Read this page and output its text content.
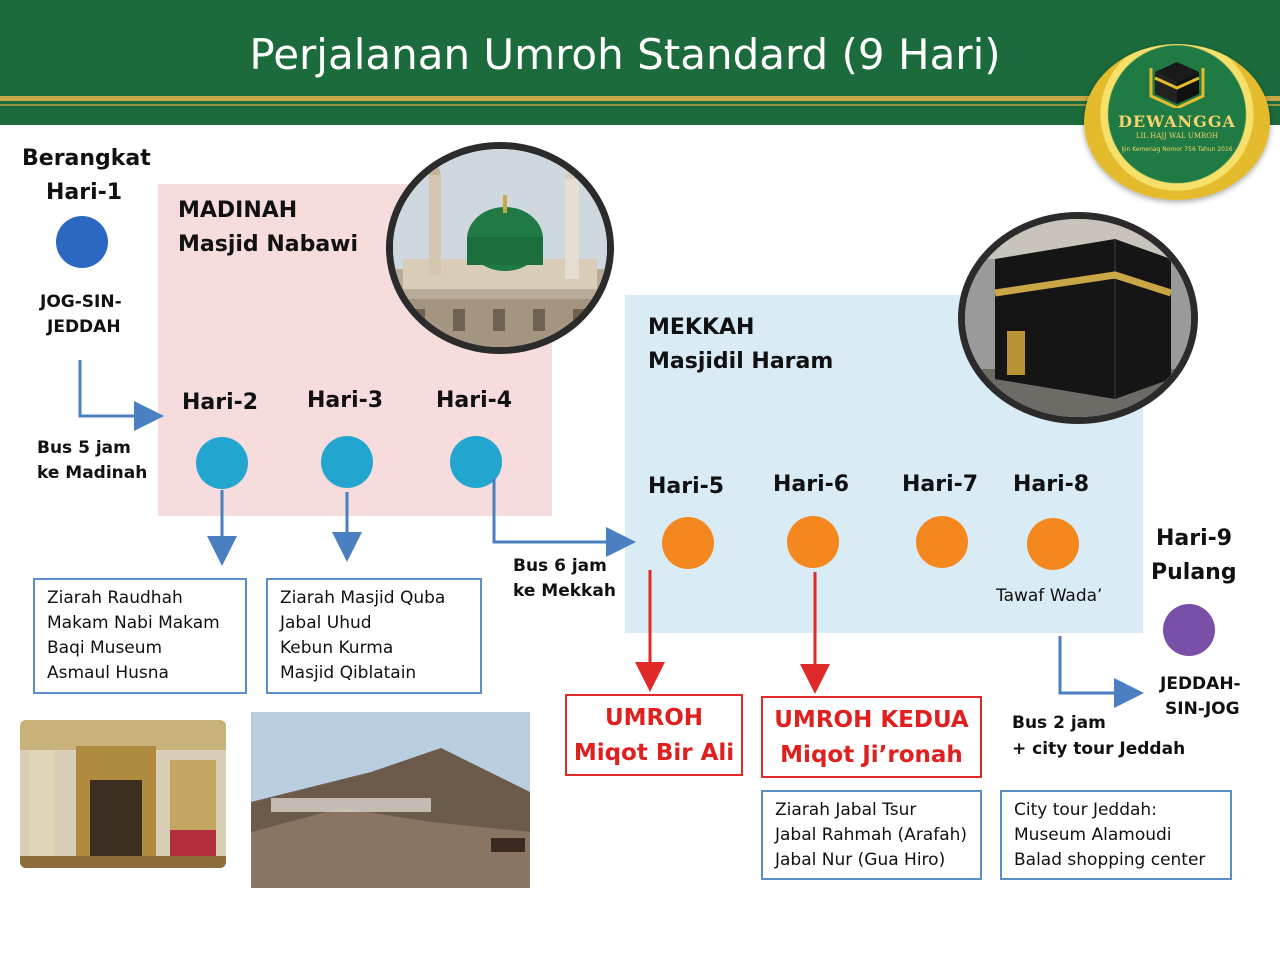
Perjalanan Umroh Standard (9 Hari)
DEWANGGA
LIL HAJJ WAL UMROH
Ijin Kemenag Nomor 756 Tahun 2016
Berangkat
Hari-1
JOG-SIN-
JEDDAH
Bus 5 jam
ke Madinah
MADINAH
Masjid Nabawi
Hari-2 Hari-3 Hari-4
Ziarah Raudhah
Makam Nabi Makam
Baqi Museum
Asmaul Husna
Ziarah Masjid Quba
Jabal Uhud
Kebun Kurma
Masjid Qiblatain
Bus 6 jam
ke Mekkah
MEKKAH
Masjidil Haram
Hari-5 Hari-6 Hari-7 Hari-8
Tawaf Wada’
UMROH
Miqot Bir Ali
UMROH KEDUA
Miqot Ji’ronah
Ziarah Jabal Tsur
Jabal Rahmah (Arafah)
Jabal Nur (Gua Hiro)
Bus 2 jam
+ city tour Jeddah
City tour Jeddah:
Museum Alamoudi
Balad shopping center
Hari-9
Pulang
JEDDAH-
SIN-JOG
